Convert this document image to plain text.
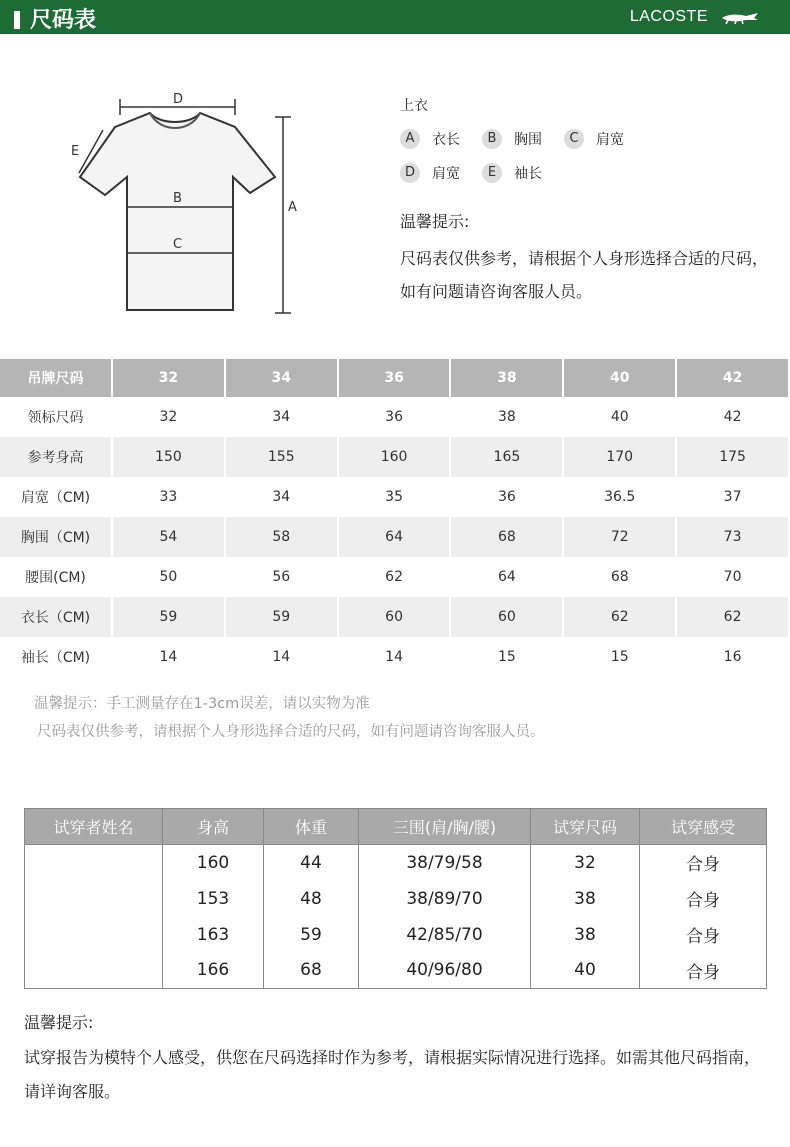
尺码表	LACOSTE
D
E
B
C
A
上衣
A	衣长	B	胸围	C	肩宽
D	肩宽	E	袖长
温馨提示:
尺码表仅供参考，请根据个人身形选择合适的尺码，如有问题请咨询客服人员。
吊牌尺码	32	34	36	38	40	42
领标尺码	32	34	36	38	40	42
参考身高	150	155	160	165	170	175
肩宽（CM)	33	34	35	36	36.5	37
胸围（CM)	54	58	64	68	72	73
腰围(CM)	50	56	62	64	68	70
衣长（CM)	59	59	60	60	62	62
袖长（CM)	14	14	14	15	15	16
温馨提示：手工测量存在1-3cm误差，请以实物为准
尺码表仅供参考，请根据个人身形选择合适的尺码，如有问题请咨询客服人员。
试穿者姓名	身高	体重	三围(肩/胸/腰)	试穿尺码	试穿感受
	160	44	38/79/58	32	合身
	153	48	38/89/70	38	合身
	163	59	42/85/70	38	合身
	166	68	40/96/80	40	合身
温馨提示:
试穿报告为模特个人感受，供您在尺码选择时作为参考，请根据实际情况进行选择。如需其他尺码指南，请详询客服。
